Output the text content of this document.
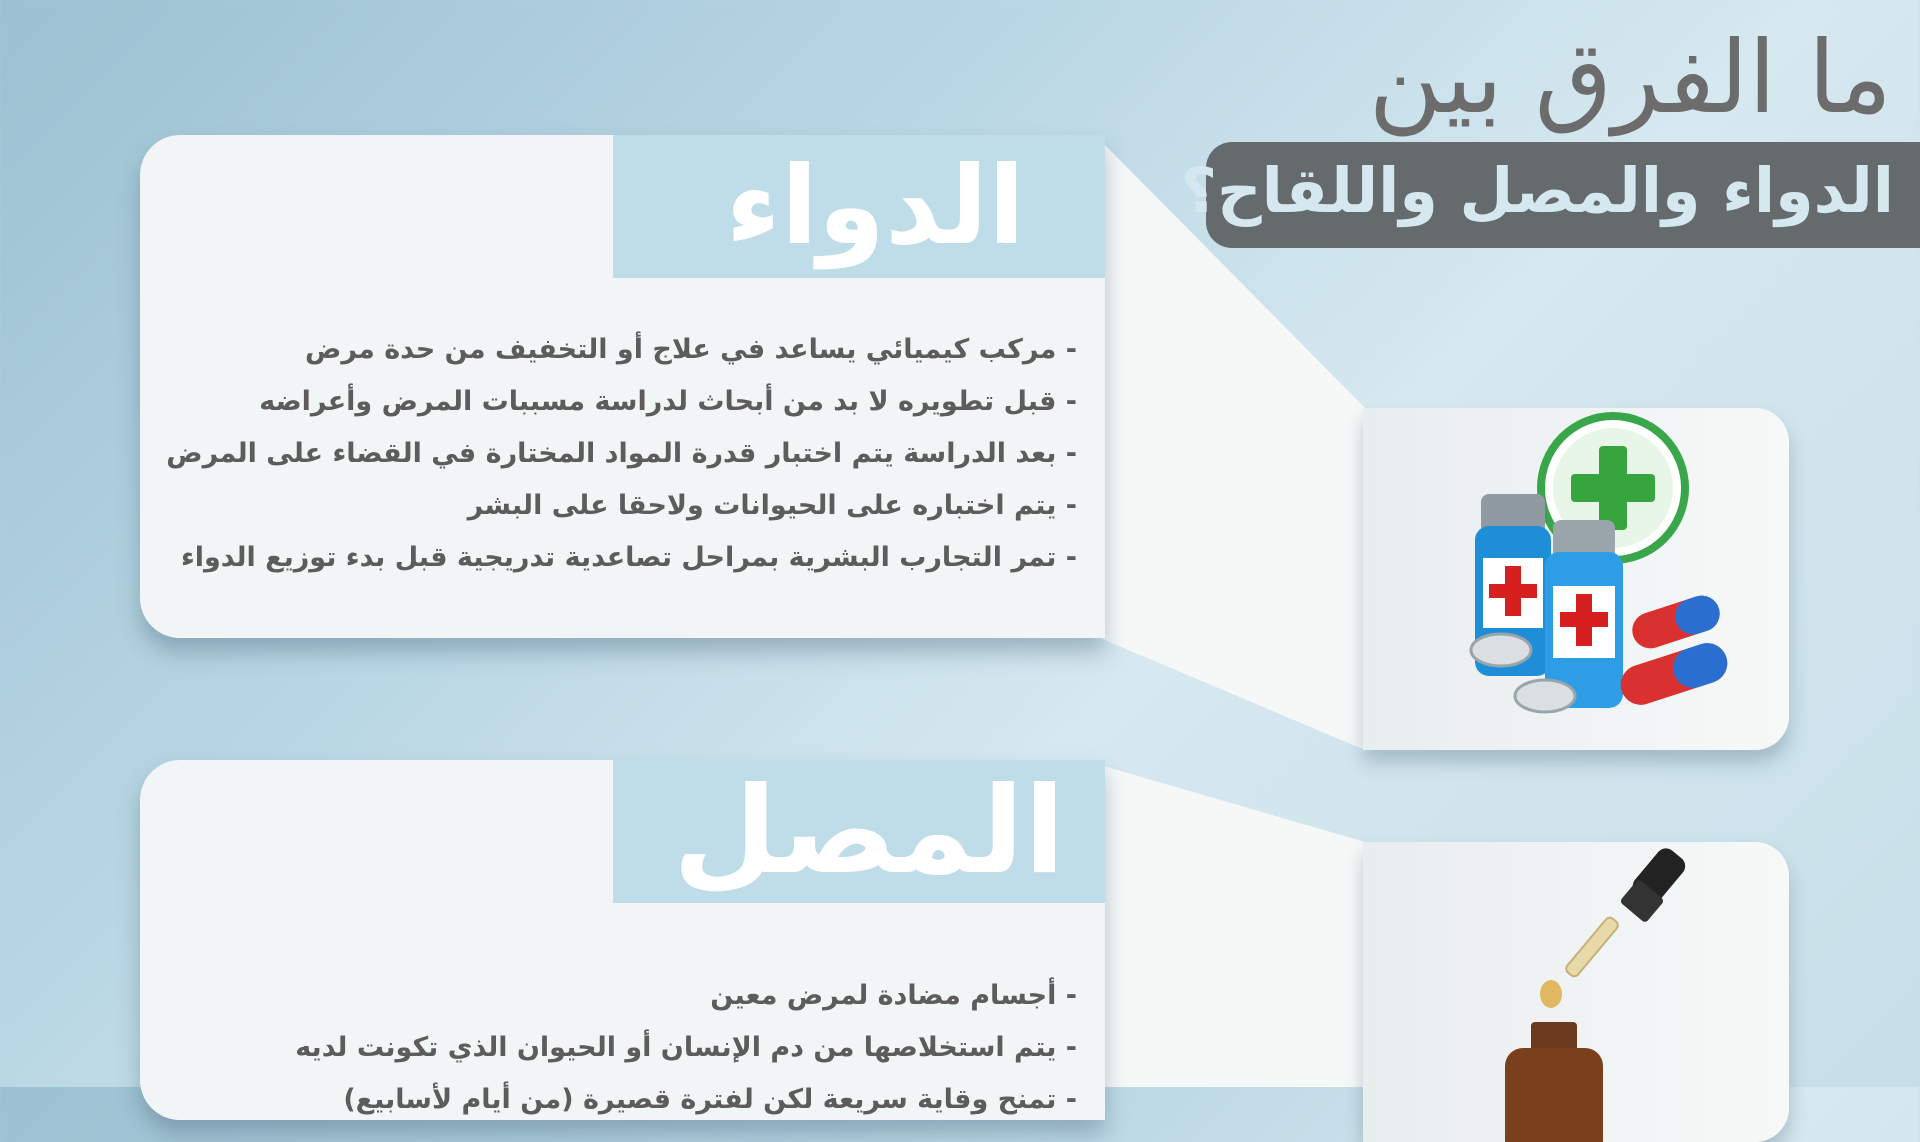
ما الفرق بين
الدواء والمصل واللقاح؟
الدواء
- مركب كيميائي يساعد في علاج أو التخفيف من حدة مرض
- قبل تطويره لا بد من أبحاث لدراسة مسببات المرض وأعراضه
- بعد الدراسة يتم اختبار قدرة المواد المختارة في القضاء على المرض
- يتم اختباره على الحيوانات ولاحقا على البشر
- تمر التجارب البشرية بمراحل تصاعدية تدريجية قبل بدء توزيع الدواء
المصل
- أجسام مضادة لمرض معين
- يتم استخلاصها من دم الإنسان أو الحيوان الذي تكونت لديه
- تمنح وقاية سريعة لكن لفترة قصيرة (من أيام لأسابيع)
